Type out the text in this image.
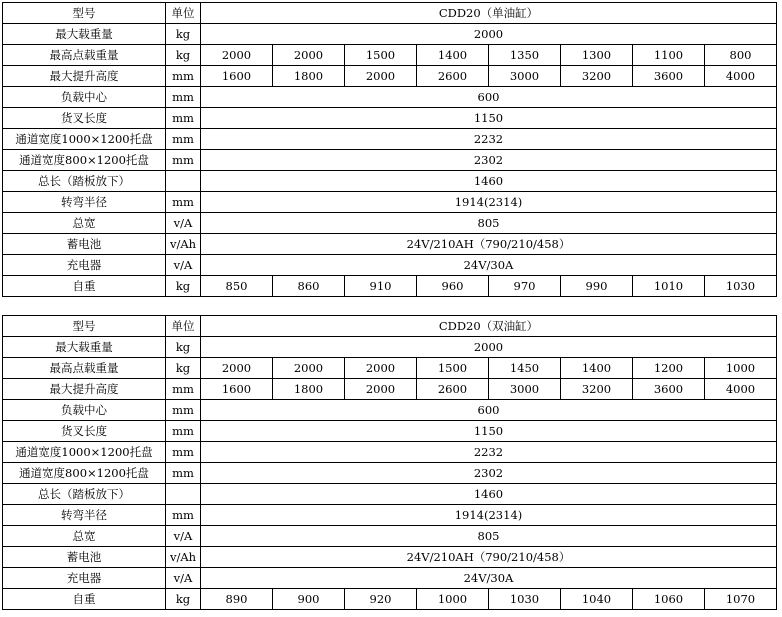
型号	单位	CDD20（单油缸）							
最大载重量	kg	2000							
最高点载重量	kg	2000	2000	1500	1400	1350	1300	1100	800
最大提升高度	mm	1600	1800	2000	2600	3000	3200	3600	4000
负载中心	mm	600							
货叉长度	mm	1150							
通道宽度1000×1200托盘	mm	2232							
通道宽度800×1200托盘	mm	2302							
总长（踏板放下）		1460							
转弯半径	mm	1914(2314)							
总宽	v/A	805							
蓄电池	v/Ah	24V/210AH（790/210/458）							
充电器	v/A	24V/30A							
自重	kg	850	860	910	960	970	990	1010	1030
型号	单位	CDD20（双油缸）							
最大载重量	kg	2000							
最高点载重量	kg	2000	2000	2000	1500	1450	1400	1200	1000
最大提升高度	mm	1600	1800	2000	2600	3000	3200	3600	4000
负载中心	mm	600							
货叉长度	mm	1150							
通道宽度1000×1200托盘	mm	2232							
通道宽度800×1200托盘	mm	2302							
总长（踏板放下）		1460							
转弯半径	mm	1914(2314)							
总宽	v/A	805							
蓄电池	v/Ah	24V/210AH（790/210/458）							
充电器	v/A	24V/30A							
自重	kg	890	900	920	1000	1030	1040	1060	1070
